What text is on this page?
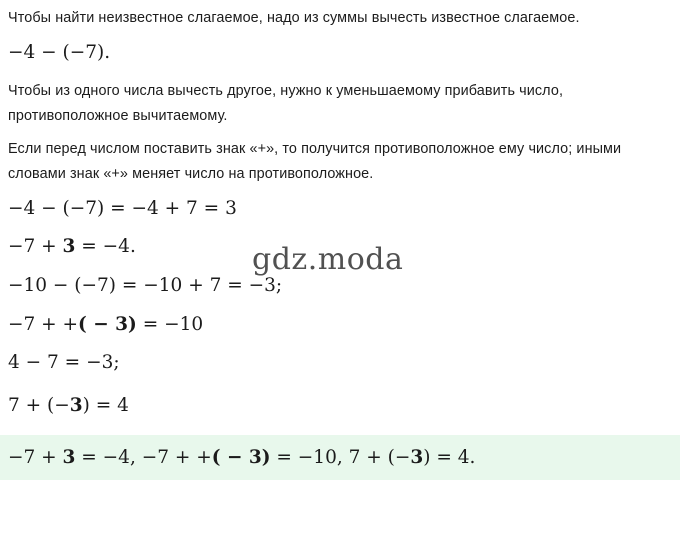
Чтобы найти неизвестное слагаемое, надо из суммы вычесть известное слагаемое.

−4 − (−7).

Чтобы из одного числа вычесть другое, нужно к уменьшаемому прибавить число, противоположное вычитаемому.

Если перед числом поставить знак «+», то получится противоположное ему число; иными словами знак «+» меняет число на противоположное.

−4 − (−7) = −4 + 7 = 3

−7 + 3 = −4.

−10 − (−7) = −10 + 7 = −3;

−7 + +( − 3) = −10

4 − 7 = −3;

7 + (−3) = 4

−7 + 3 = −4, −7 + +( − 3) = −10, 7 + (−3) = 4.
gdz.moda
